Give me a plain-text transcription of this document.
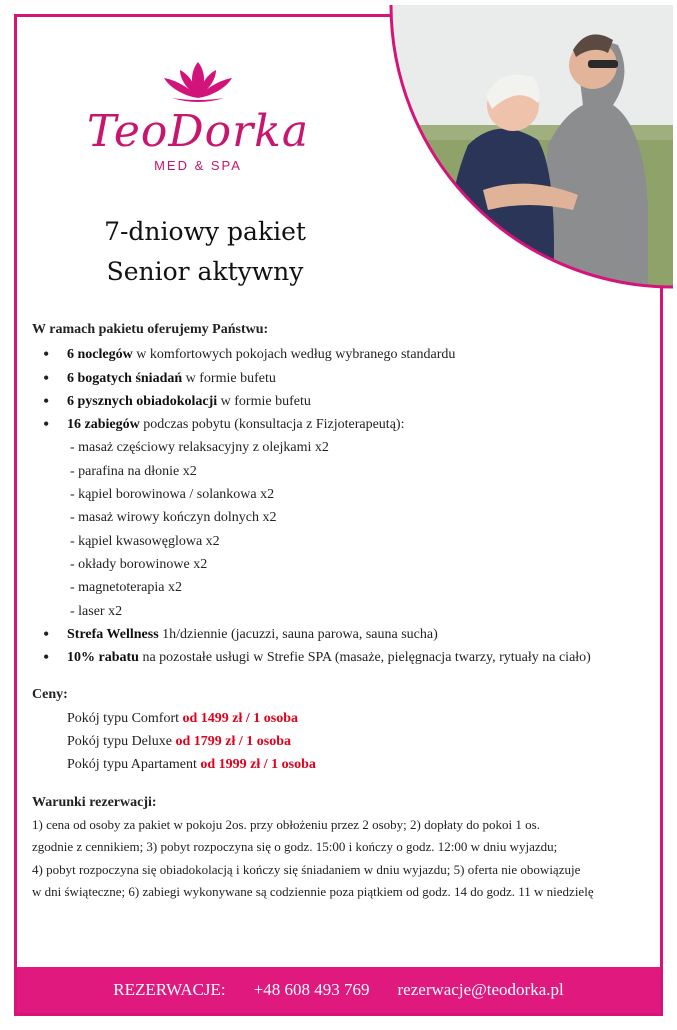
TeoDorka
MED & SPA
7-dniowy pakiet
Senior aktywny
W ramach pakietu oferujemy Państwu:
• 6 noclegów w komfortowych pokojach według wybranego standardu
• 6 bogatych śniadań w formie bufetu
• 6 pysznych obiadokolacji w formie bufetu
• 16 zabiegów podczas pobytu (konsultacja z Fizjoterapeutą):
- masaż częściowy relaksacyjny z olejkami x2
- parafina na dłonie x2
- kąpiel borowinowa / solankowa x2
- masaż wirowy kończyn dolnych x2
- kąpiel kwasowęglowa x2
- okłady borowinowe x2
- magnetoterapia x2
- laser x2
• Strefa Wellness 1h/dziennie (jacuzzi, sauna parowa, sauna sucha)
• 10% rabatu na pozostałe usługi w Strefie SPA (masaże, pielęgnacja twarzy, rytuały na ciało)
Ceny:
Pokój typu Comfort od 1499 zł / 1 osoba
Pokój typu Deluxe od 1799 zł / 1 osoba
Pokój typu Apartament od 1999 zł / 1 osoba
Warunki rezerwacji:
1) cena od osoby za pakiet w pokoju 2os. przy obłożeniu przez 2 osoby; 2) dopłaty do pokoi 1 os.
zgodnie z cennikiem; 3) pobyt rozpoczyna się o godz. 15:00 i kończy o godz. 12:00 w dniu wyjazdu;
4) pobyt rozpoczyna się obiadokolacją i kończy się śniadaniem w dniu wyjazdu; 5) oferta nie obowiązuje
w dni świąteczne; 6) zabiegi wykonywane są codziennie poza piątkiem od godz. 14 do godz. 11 w niedzielę
REZERWACJE: +48 608 493 769 rezerwacje@teodorka.pl
